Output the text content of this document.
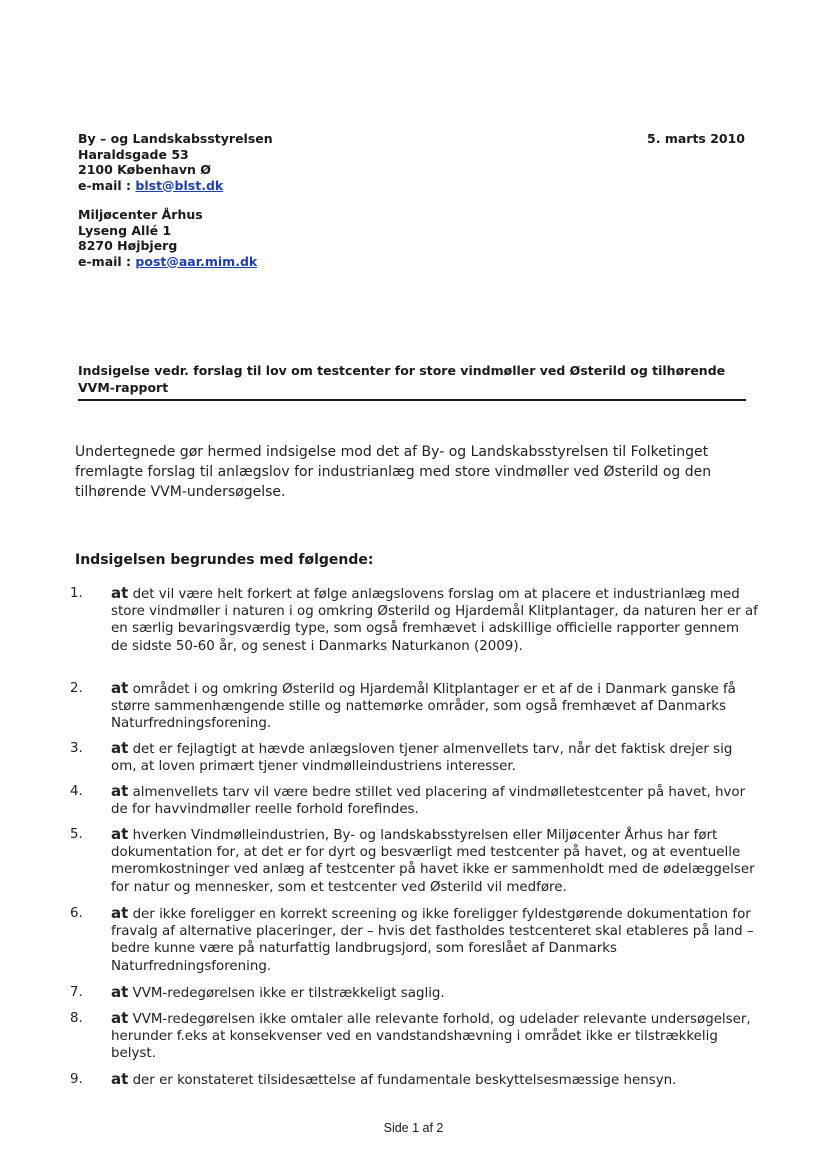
By – og Landskabsstyrelsen
Haraldsgade 53
2100 København Ø
e-mail : blst@blst.dk
5. marts 2010
Miljøcenter Århus
Lyseng Allé 1
8270 Højbjerg
e-mail : post@aar.mim.dk
Indsigelse vedr. forslag til lov om testcenter for store vindmøller ved Østerild og tilhørende VVM-rapport
Undertegnede gør hermed indsigelse mod det af By- og Landskabsstyrelsen til Folketinget fremlagte forslag til anlægslov for industrianlæg med store vindmøller ved Østerild og den tilhørende VVM-undersøgelse.
Indsigelsen begrundes med følgende:
1.	at det vil være helt forkert at følge anlægslovens forslag om at placere et industrianlæg med store vindmøller i naturen i og omkring Østerild og Hjardemål Klitplantager, da naturen her er af en særlig bevaringsværdig type, som også fremhævet i adskillige officielle rapporter gennem de sidste 50-60 år, og senest i Danmarks Naturkanon (2009).
2.	at området i og omkring Østerild og Hjardemål Klitplantager er et af de i Danmark ganske få større sammenhængende stille og nattemørke områder, som også fremhævet af Danmarks Naturfredningsforening.
3.	at det er fejlagtigt at hævde anlægsloven tjener almenvellets tarv, når det faktisk drejer sig om, at loven primært tjener vindmølleindustriens interesser.
4.	at almenvellets tarv vil være bedre stillet ved placering af vindmølletestcenter på havet, hvor de for havvindmøller reelle forhold forefindes.
5.	at hverken Vindmølleindustrien, By- og landskabsstyrelsen eller Miljøcenter Århus har ført dokumentation for, at det er for dyrt og besværligt med testcenter på havet, og at eventuelle meromkostninger ved anlæg af testcenter på havet ikke er sammenholdt med de ødelæggelser for natur og mennesker, som et testcenter ved Østerild vil medføre.
6.	at der ikke foreligger en korrekt screening og ikke foreligger fyldestgørende dokumentation for fravalg af alternative placeringer, der – hvis det fastholdes testcenteret skal etableres på land – bedre kunne være på naturfattig landbrugsjord, som foreslået af Danmarks Naturfredningsforening.
7.	at VVM-redegørelsen ikke er tilstrækkeligt saglig.
8.	at VVM-redegørelsen ikke omtaler alle relevante forhold, og udelader relevante undersøgelser, herunder f.eks at konsekvenser ved en vandstandshævning i området ikke er tilstrækkelig belyst.
9.	at der er konstateret tilsidesættelse af fundamentale beskyttelsesmæssige hensyn.
Side 1 af 2
